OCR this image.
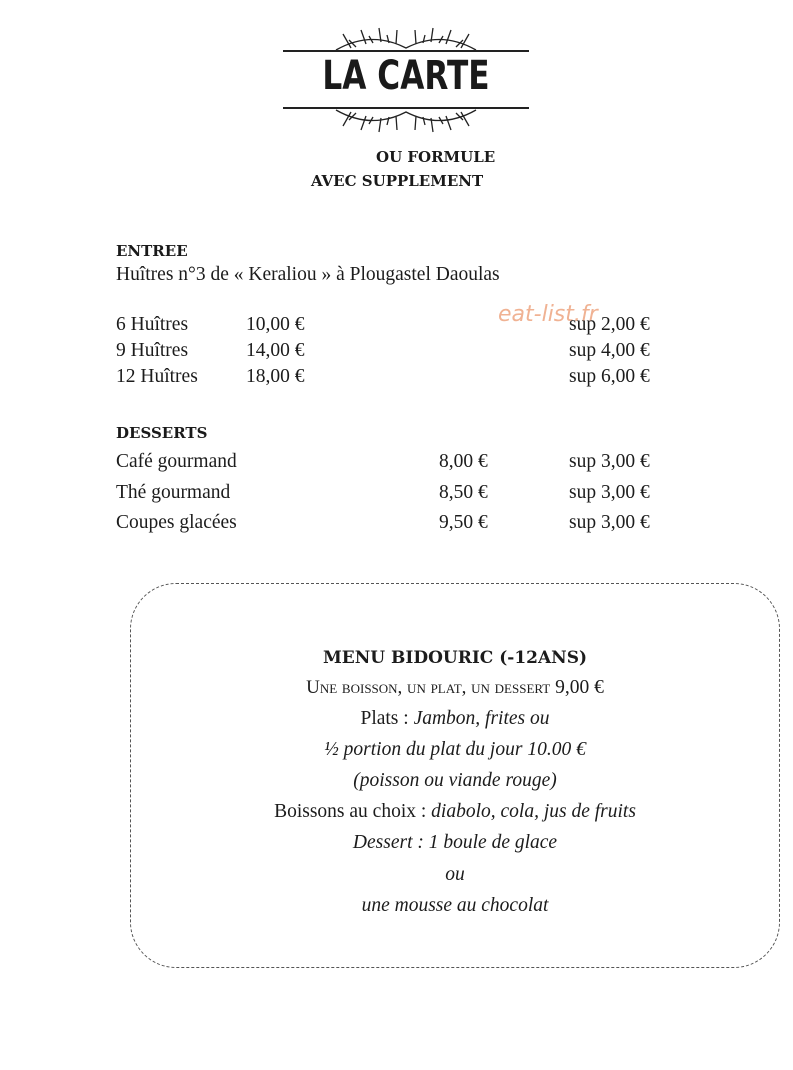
LA CARTE
OU FORMULE
AVEC SUPPLEMENT
eat-list.fr
ENTREE
Huîtres n°3 de « Keraliou » à Plougastel Daoulas
6 Huîtres	10,00 €	sup 2,00 €
9 Huîtres	14,00 €	sup 4,00 €
12 Huîtres 18,00 €	sup 6,00 €
DESSERTS
Café gourmand	8,00 €	sup 3,00 €
Thé gourmand	8,50 €	sup 3,00 €
Coupes glacées	9,50 €	sup 3,00 €
MENU BIDOURIC (-12ANS)
Une boisson, un plat, un dessert 9,00 €
Plats : Jambon, frites ou
½ portion du plat du jour 10.00 €
(poisson ou viande rouge)
Boissons au choix : diabolo, cola, jus de fruits
Dessert : 1 boule de glace
ou
une mousse au chocolat
